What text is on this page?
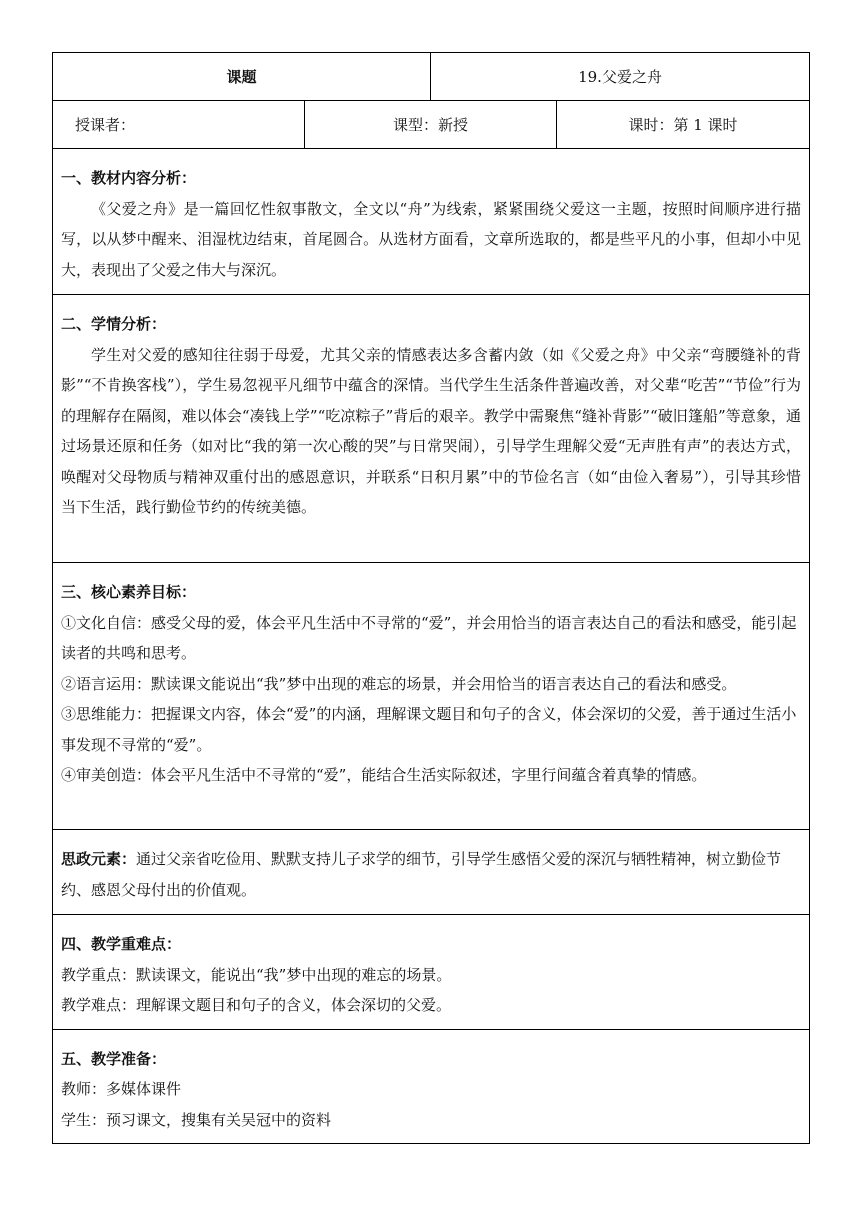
课题		19.父爱之舟	
授课者：	课型：新授		课时：第 1 课时

一、教材内容分析：
《父爱之舟》是一篇回忆性叙事散文，全文以“舟”为线索，紧紧围绕父爱这一主题，按照时间顺序进行描写，以从梦中醒来、泪湿枕边结束，首尾圆合。从选材方面看，文章所选取的，都是些平凡的小事，但却小中见大，表现出了父爱之伟大与深沉。			

二、学情分析：
学生对父爱的感知往往弱于母爱，尤其父亲的情感表达多含蓄内敛（如《父爱之舟》中父亲“弯腰缝补的背影”“不肯换客栈”），学生易忽视平凡细节中蕴含的深情。当代学生生活条件普遍改善，对父辈“吃苦”“节俭”行为的理解存在隔阂，难以体会“凑钱上学”“吃凉粽子”背后的艰辛。教学中需聚焦“缝补背影”“破旧篷船”等意象，通过场景还原和任务（如对比“我的第一次心酸的哭”与日常哭闹），引导学生理解父爱“无声胜有声”的表达方式，唤醒对父母物质与精神双重付出的感恩意识，并联系“日积月累”中的节俭名言（如“由俭入奢易”），引导其珍惜当下生活，践行勤俭节约的传统美德。			

三、核心素养目标：
①文化自信：感受父母的爱，体会平凡生活中不寻常的“爱”，并会用恰当的语言表达自己的看法和感受，能引起读者的共鸣和思考。
②语言运用：默读课文能说出“我”梦中出现的难忘的场景，并会用恰当的语言表达自己的看法和感受。
③思维能力：把握课文内容，体会“爱”的内涵，理解课文题目和句子的含义，体会深切的父爱，善于通过生活小事发现不寻常的“爱”。
④审美创造：体会平凡生活中不寻常的“爱”，能结合生活实际叙述，字里行间蕴含着真挚的情感。			

思政元素：通过父亲省吃俭用、默默支持儿子求学的细节，引导学生感悟父爱的深沉与牺牲精神，树立勤俭节约、感恩父母付出的价值观。			

四、教学重难点：
教学重点：默读课文，能说出“我”梦中出现的难忘的场景。
教学难点：理解课文题目和句子的含义，体会深切的父爱。			

五、教学准备：
教师：多媒体课件
学生：预习课文，搜集有关吴冠中的资料			
